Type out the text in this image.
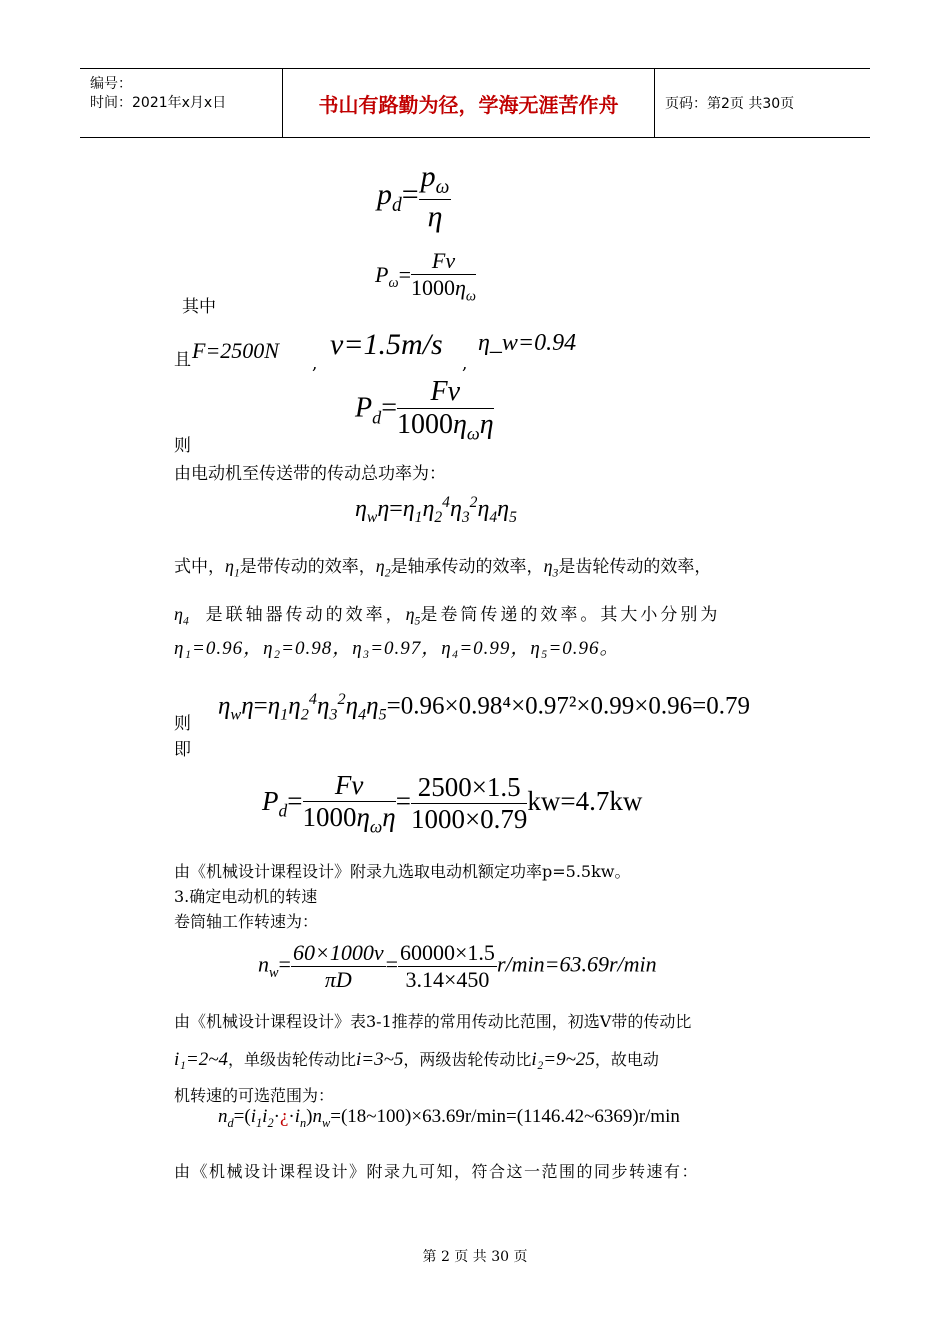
编号：
时间：2021年x月x日	书山有路勤为径，学海无涯苦作舟	页码：第2页 共30页
$p_d= \frac{p_\omega}{\eta}$
$P_\omega= \frac{Fv}{1000\eta_\omega}$
其中
且 F=2500N
,
v=1.5m/s
,
η_w=0.94
$P_d= \frac{Fv}{1000\eta_\omega\eta}$
则
由电动机至传送带的传动总功率为：
$\eta_w\eta=\eta_1\eta_2^4\eta_3^2\eta_4\eta_5$
式中，$\eta_1$是带传动的效率，$\eta_2$是轴承传动的效率，$\eta_3$是齿轮传动的效率，
$\eta_4$ 是联轴器传动的效率，$\eta_5$是卷筒传递的效率。其大小分别为
η₁=0.96，η₂=0.98，η₃=0.97，η₄=0.99，η₅=0.96。
则
即
$\eta_w\eta=\eta_1\eta_2^4\eta_3^2\eta_4\eta_5=0.96\times 0.98^4\times 0.97^2\times 0.99\times 0.96=0.79$
$P_d= \frac{Fv}{1000\eta_\omega\eta} = \frac{2500\times 1.5}{1000\times 0.79} kw=4.7kw$
由《机械设计课程设计》附录九选取电动机额定功率p=5.5kw。
3.确定电动机的转速
卷筒轴工作转速为：
$n_w= \frac{60\times 1000v}{\pi D} = \frac{60000\times 1.5}{3.14\times 450} r/\min=63.69r/\min$
由《机械设计课程设计》表3-1推荐的常用传动比范围，初选V带的传动比
i₁=2~4，单级齿轮传动比i=3~5，两级齿轮传动比i₂=9~25，故电动
机转速的可选范围为：
$n_d=(i_1i_2\cdot¿\cdot i_n)n_w=(18\sim 100)\times 63.69r/\min=(1146.42\sim 6369)r/\min$
由《机械设计课程设计》附录九可知，符合这一范围的同步转速有：
第 2 页 共 30 页
